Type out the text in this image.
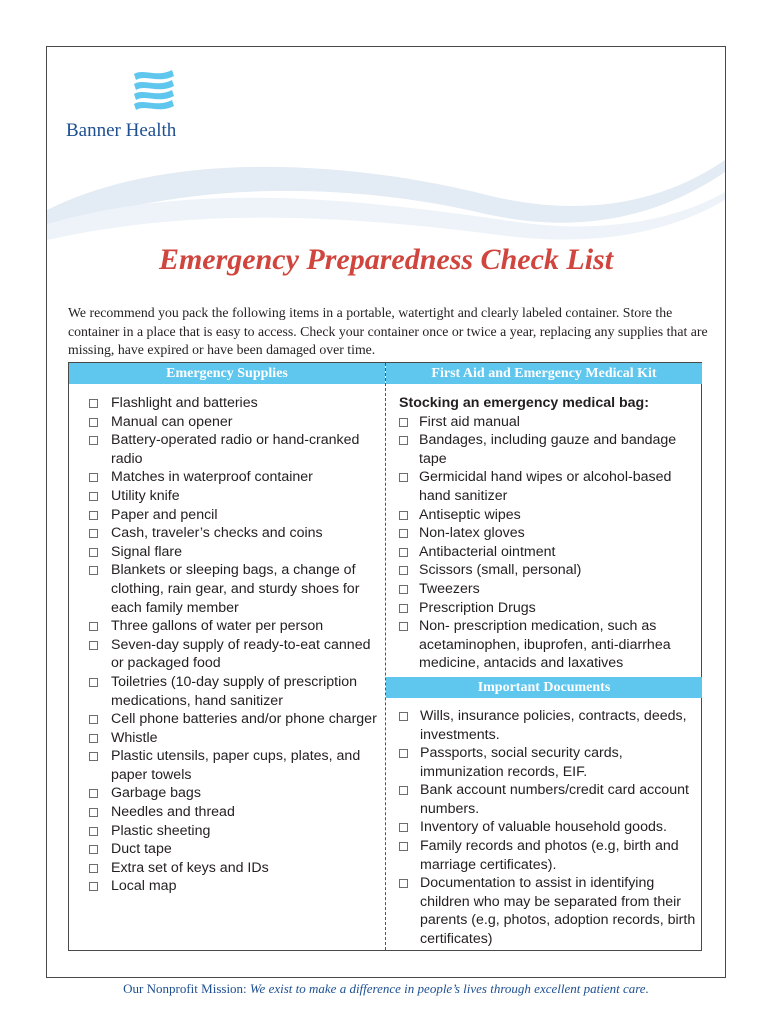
Banner Health
Emergency Preparedness Check List

We recommend you pack the following items in a portable, watertight and clearly labeled container. Store the container in a place that is easy to access. Check your container once or twice a year, replacing any supplies that are missing, have expired or have been damaged over time.

Emergency Supplies
Flashlight and batteries
Manual can opener
Battery-operated radio or hand-cranked radio
Matches in waterproof container
Utility knife
Paper and pencil
Cash, traveler’s checks and coins
Signal flare
Blankets or sleeping bags, a change of clothing, rain gear, and sturdy shoes for each family member
Three gallons of water per person
Seven-day supply of ready-to-eat canned or packaged food
Toiletries (10-day supply of prescription medications, hand sanitizer
Cell phone batteries and/or phone charger
Whistle
Plastic utensils, paper cups, plates, and paper towels
Garbage bags
Needles and thread
Plastic sheeting
Duct tape
Extra set of keys and IDs
Local map
First Aid and Emergency Medical Kit
Stocking an emergency medical bag:
First aid manual
Bandages, including gauze and bandage tape
Germicidal hand wipes or alcohol-based hand sanitizer
Antiseptic wipes
Non-latex gloves
Antibacterial ointment
Scissors (small, personal)
Tweezers
Prescription Drugs
Non- prescription medication, such as acetaminophen, ibuprofen, anti-diarrhea medicine, antacids and laxatives
Important Documents
Wills, insurance policies, contracts, deeds, investments.
Passports, social security cards, immunization records, EIF.
Bank account numbers/credit card account numbers.
Inventory of valuable household goods.
Family records and photos (e.g, birth and marriage certificates).
Documentation to assist in identifying children who may be separated from their parents (e.g, photos, adoption records, birth certificates)
Our Nonprofit Mission: We exist to make a difference in people’s lives through excellent patient care.
